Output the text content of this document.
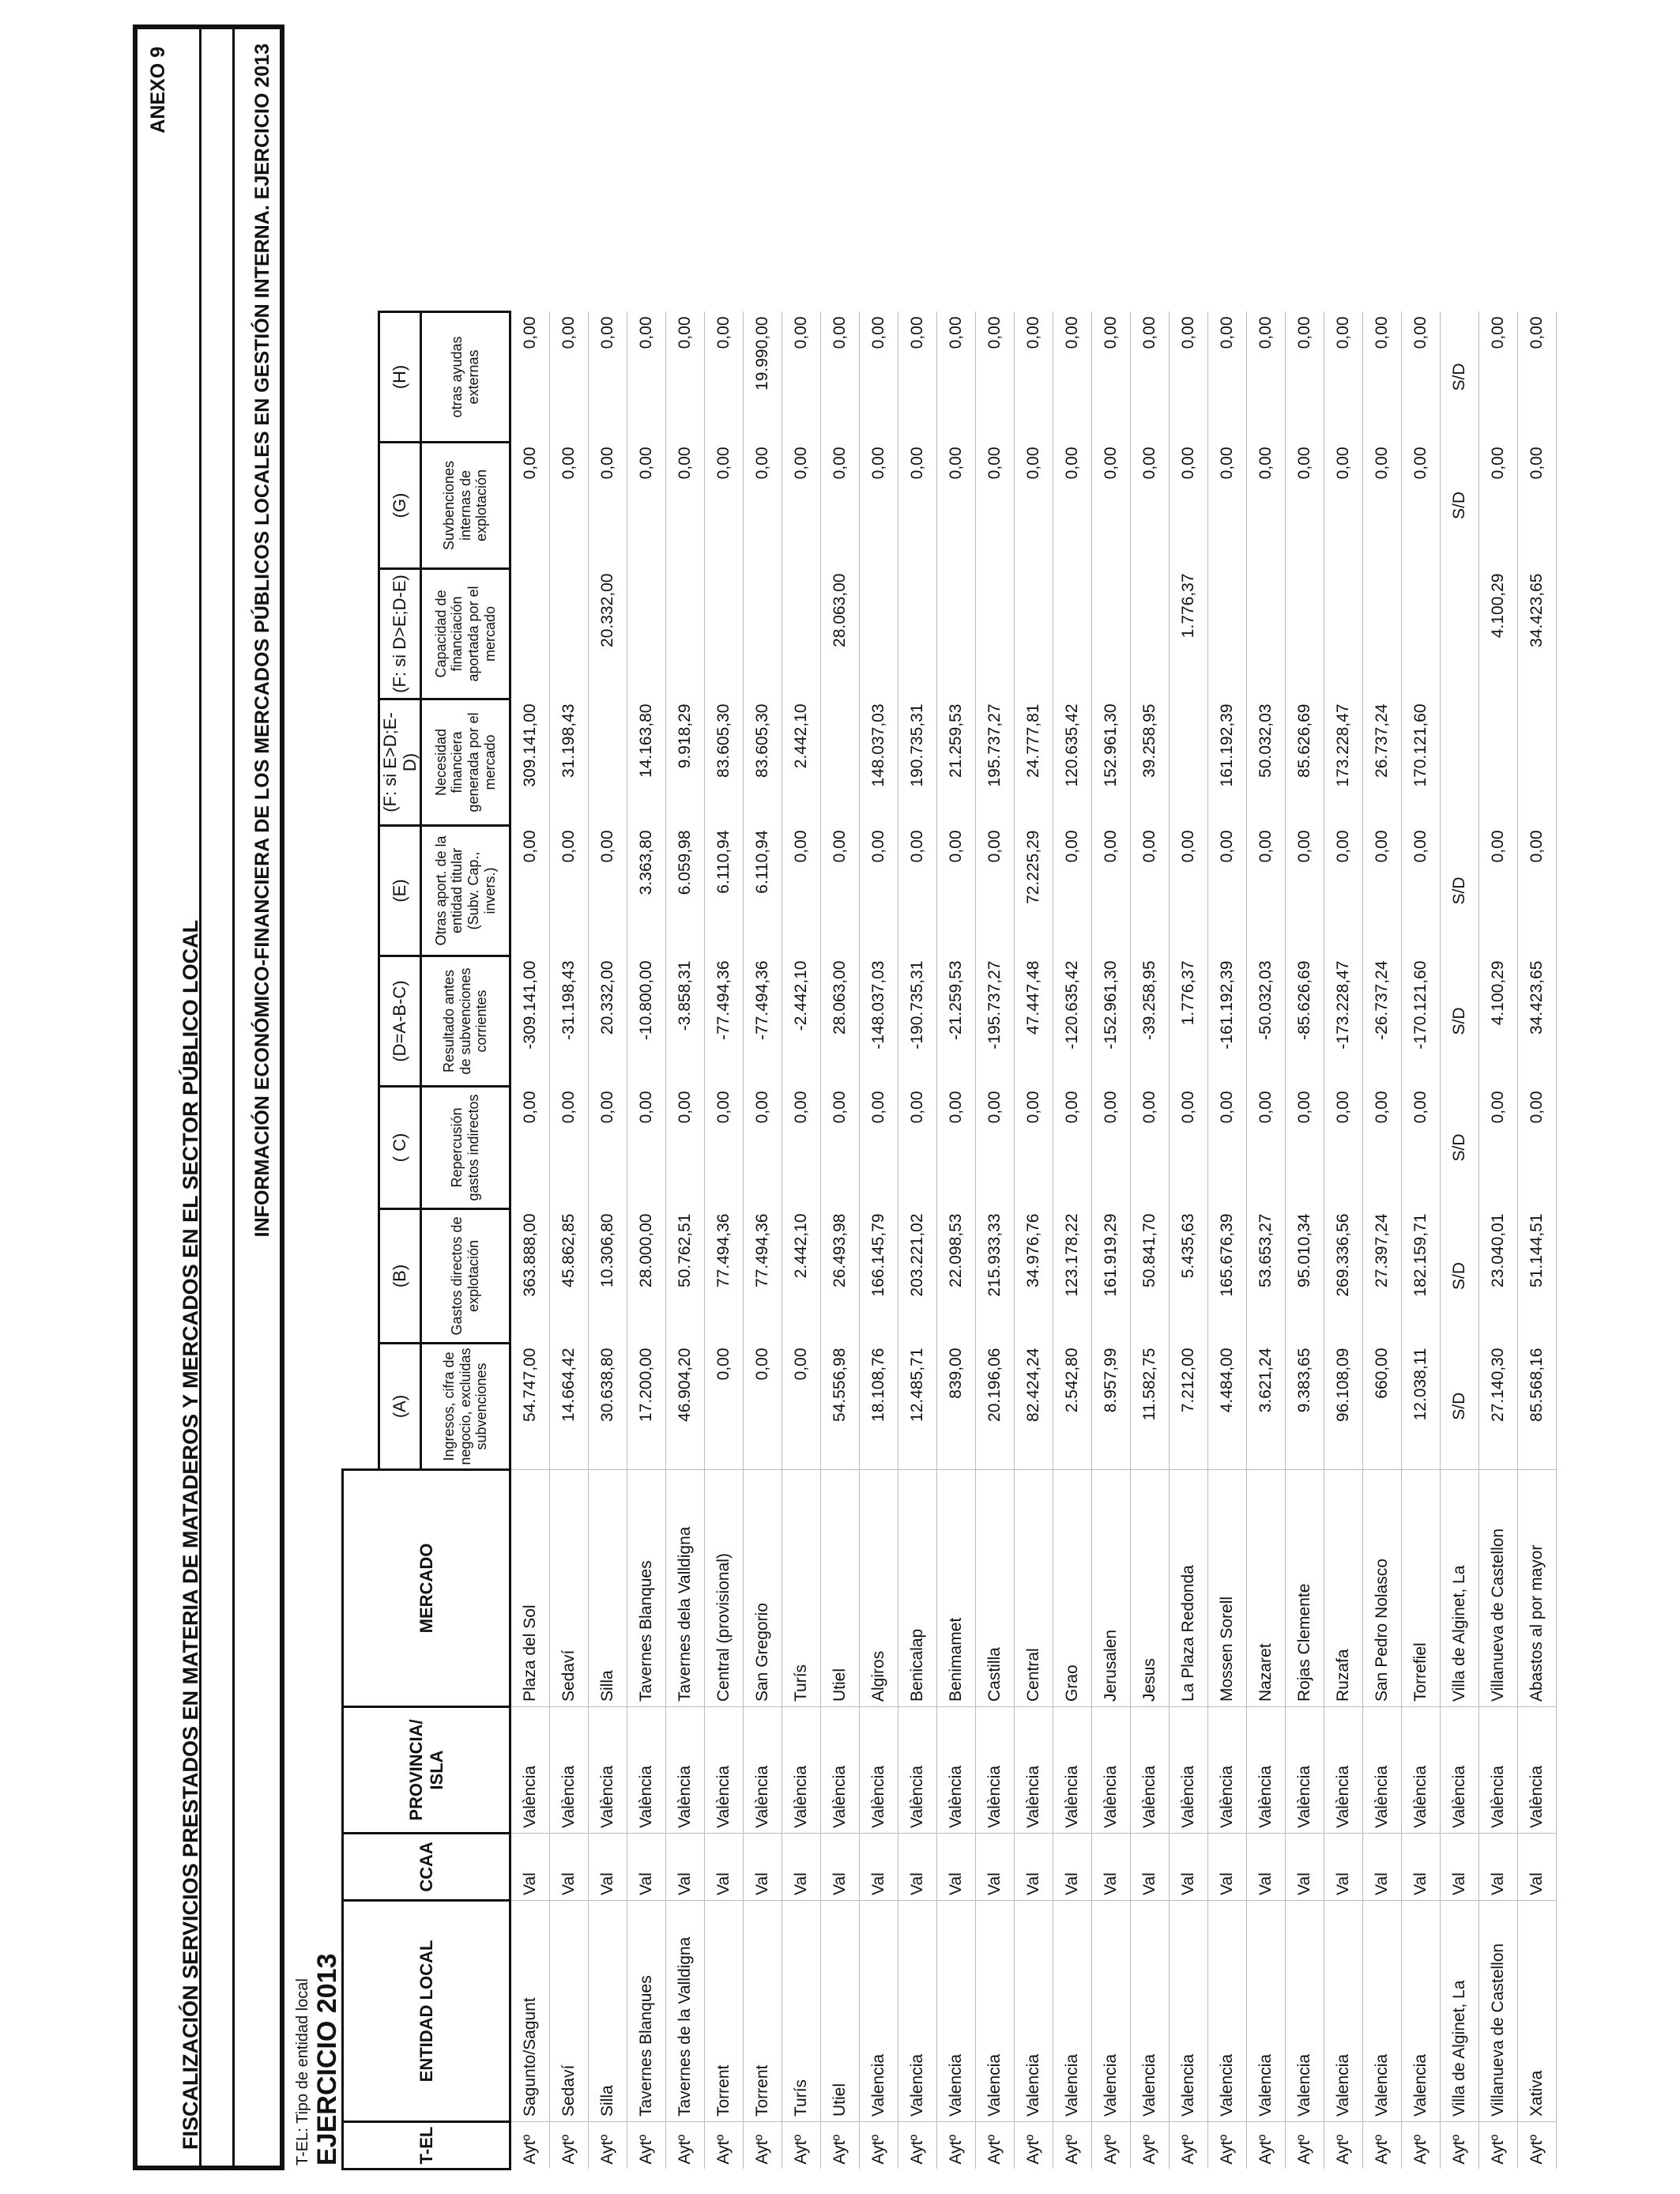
ANEXO 9
FISCALIZACIÓN SERVICIOS PRESTADOS EN MATERIA DE MATADEROS Y MERCADOS EN EL SECTOR PÚBLICO LOCAL
INFORMACIÓN ECONÓMICO-FINANCIERA DE LOS MERCADOS PÚBLICOS LOCALES EN GESTIÓN INTERNA. EJERCICIO 2013
T-EL: Tipo de entidad local EJERCICIO 2013	T-EL	ENTIDAD LOCAL	CCAA	PROVINCIA/ ISLA	MERCADO									
					(A)	(B)	( C)	(D=A-B-C)	(E)	(F: si E>D;E-D)	(F: si D>E;D-E)	(G)	(H)
					Ingresos, cifra de negocio, excluidas subvenciones	Gastos directos de explotación	Repercusión gastos indirectos	Resultado antes de subvenciones corrientes	Otras aport. de la entidad titular (Subv. Cap., invers.)	Necesidad financiera generada por el mercado	Capacidad de financiación aportada por el mercado	Suvbenciones internas de explotación	otras ayudas externas
Aytº	Sagunto/Sagunt	Val	València	Plaza del Sol	54.747,00	363.888,00	0,00	-309.141,00	0,00	309.141,00		0,00	0,00
Aytº	Sedaví	Val	València	Sedaví	14.664,42	45.862,85	0,00	-31.198,43	0,00	31.198,43		0,00	0,00
Aytº	Silla	Val	València	Silla	30.638,80	10.306,80	0,00	20.332,00	0,00		20.332,00	0,00	0,00
Aytº	Tavernes Blanques	Val	València	Tavernes Blanques	17.200,00	28.000,00	0,00	-10.800,00	3.363,80	14.163,80		0,00	0,00
Aytº	Tavernes de la Valldigna	Val	València	Tavernes dela Valldigna	46.904,20	50.762,51	0,00	-3.858,31	6.059,98	9.918,29		0,00	0,00
Aytº	Torrent	Val	València	Central (provisional)	0,00	77.494,36	0,00	-77.494,36	6.110,94	83.605,30		0,00	0,00
Aytº	Torrent	Val	València	San Gregorio	0,00	77.494,36	0,00	-77.494,36	6.110,94	83.605,30		0,00	19.990,00
Aytº	Turís	Val	València	Turís	0,00	2.442,10	0,00	-2.442,10	0,00	2.442,10		0,00	0,00
Aytº	Utiel	Val	València	Utiel	54.556,98	26.493,98	0,00	28.063,00	0,00		28.063,00	0,00	0,00
Aytº	Valencia	Val	València	Algiros	18.108,76	166.145,79	0,00	-148.037,03	0,00	148.037,03		0,00	0,00
Aytº	Valencia	Val	València	Benicalap	12.485,71	203.221,02	0,00	-190.735,31	0,00	190.735,31		0,00	0,00
Aytº	Valencia	Val	València	Benimamet	839,00	22.098,53	0,00	-21.259,53	0,00	21.259,53		0,00	0,00
Aytº	Valencia	Val	València	Castilla	20.196,06	215.933,33	0,00	-195.737,27	0,00	195.737,27		0,00	0,00
Aytº	Valencia	Val	València	Central	82.424,24	34.976,76	0,00	47.447,48	72.225,29	24.777,81		0,00	0,00
Aytº	Valencia	Val	València	Grao	2.542,80	123.178,22	0,00	-120.635,42	0,00	120.635,42		0,00	0,00
Aytº	Valencia	Val	València	Jerusalen	8.957,99	161.919,29	0,00	-152.961,30	0,00	152.961,30		0,00	0,00
Aytº	Valencia	Val	València	Jesus	11.582,75	50.841,70	0,00	-39.258,95	0,00	39.258,95		0,00	0,00
Aytº	Valencia	Val	València	La Plaza Redonda	7.212,00	5.435,63	0,00	1.776,37	0,00		1.776,37	0,00	0,00
Aytº	Valencia	Val	València	Mossen Sorell	4.484,00	165.676,39	0,00	-161.192,39	0,00	161.192,39		0,00	0,00
Aytº	Valencia	Val	València	Nazaret	3.621,24	53.653,27	0,00	-50.032,03	0,00	50.032,03		0,00	0,00
Aytº	Valencia	Val	València	Rojas Clemente	9.383,65	95.010,34	0,00	-85.626,69	0,00	85.626,69		0,00	0,00
Aytº	Valencia	Val	València	Ruzafa	96.108,09	269.336,56	0,00	-173.228,47	0,00	173.228,47		0,00	0,00
Aytº	Valencia	Val	València	San Pedro Nolasco	660,00	27.397,24	0,00	-26.737,24	0,00	26.737,24		0,00	0,00
Aytº	Valencia	Val	València	Torrefiel	12.038,11	182.159,71	0,00	-170.121,60	0,00	170.121,60		0,00	0,00
Aytº	Villa de Alginet, La	Val	València	Villa de Alginet, La	S/D	S/D	S/D	S/D	S/D			S/D	S/D
Aytº	Villanueva de Castellon	Val	València	Villanueva de Castellon	27.140,30	23.040,01	0,00	4.100,29	0,00		4.100,29	0,00	0,00
Aytº	Xativa	Val	València	Abastos al por mayor	85.568,16	51.144,51	0,00	34.423,65	0,00		34.423,65	0,00	0,00
